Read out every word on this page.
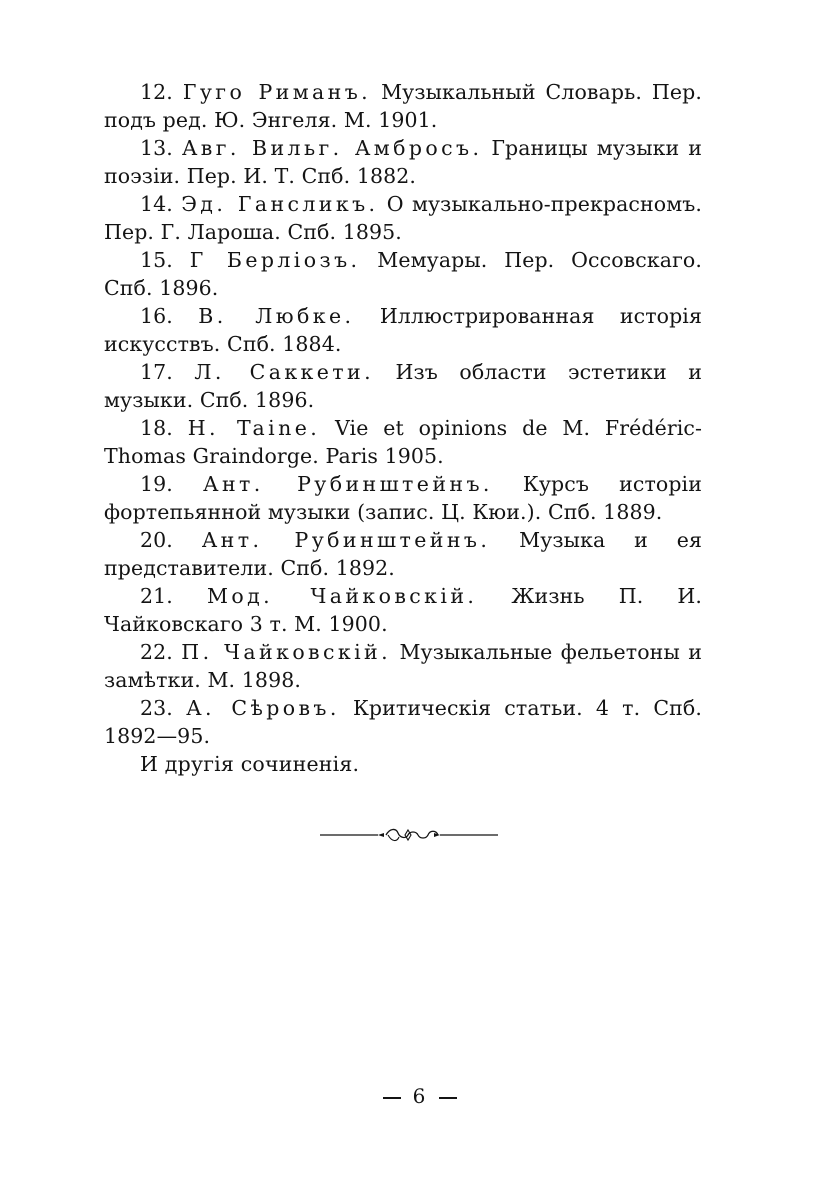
12. Гуго Риманъ. Музыкальный Словарь. Пер. подъ ред. Ю. Энгеля. М. 1901.

13. Авг. Вильг. Амбросъ. Границы музыки и поэзіи. Пер. И. Т. Спб. 1882.

14. Эд. Гансликъ. О музыкально-прекрасномъ. Пер. Г. Лароша. Спб. 1895.

15. Г Берліозъ. Мемуары. Пер. Оссовскаго. Спб. 1896.

16. В. Любке. Иллюстрированная исторія искусствъ. Спб. 1884.

17. Л. Саккети. Изъ области эстетики и музыки. Спб. 1896.

18. H. Taine. Vie et opinions de M. Frédéric-Thomas Graindorge. Paris 1905.

19. Ант. Рубинштейнъ. Курсъ исторіи фортепьянной музыки (запис. Ц. Кюи.). Спб. 1889.

20. Ант. Рубинштейнъ. Музыка и ея представители. Спб. 1892.

21. Мод. Чайковскій. Жизнь П. И. Чайковскаго 3 т. М. 1900.

22. П. Чайковскій. Музыкальные фельетоны и замѣтки. М. 1898.

23. А. Сѣровъ. Критическія статьи. 4 т. Спб. 1892—95.

И другія сочиненія.

6
